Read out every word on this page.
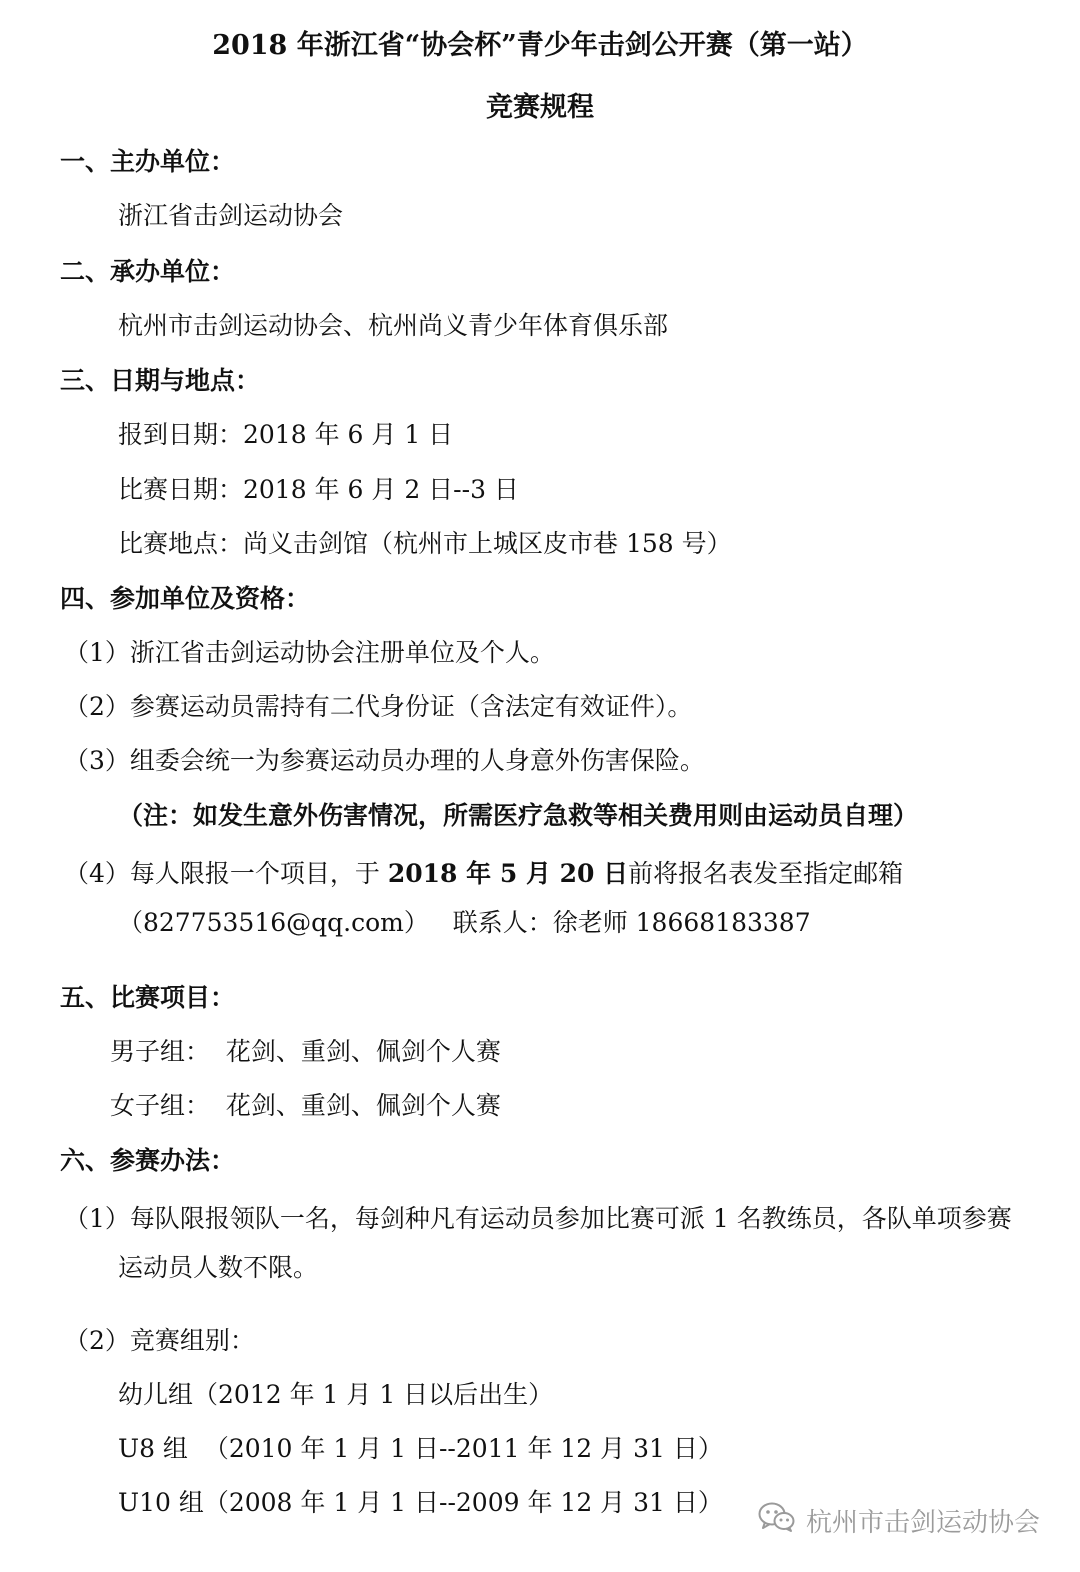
2018 年浙江省“协会杯”青少年击剑公开赛（第一站）
竞赛规程
一、主办单位：
浙江省击剑运动协会
二、承办单位：
杭州市击剑运动协会、杭州尚义青少年体育俱乐部
三、日期与地点：
报到日期：2018 年 6 月 1 日
比赛日期：2018 年 6 月 2 日--3 日
比赛地点：尚义击剑馆（杭州市上城区皮市巷 158 号）
四、参加单位及资格：
（1）浙江省击剑运动协会注册单位及个人。
（2）参赛运动员需持有二代身份证（含法定有效证件）。
（3）组委会统一为参赛运动员办理的人身意外伤害保险。
（注：如发生意外伤害情况，所需医疗急救等相关费用则由运动员自理）
（4）每人限报一个项目，于 2018 年 5 月 20 日前将报名表发至指定邮箱
（827753516@qq.com）   联系人：徐老师 18668183387
五、比赛项目：
男子组：  花剑、重剑、佩剑个人赛
女子组：  花剑、重剑、佩剑个人赛
六、参赛办法：
（1）每队限报领队一名，每剑种凡有运动员参加比赛可派 1 名教练员，各队单项参赛
运动员人数不限。
（2）竞赛组别：
幼儿组（2012 年 1 月 1 日以后出生）
U8 组  （2010 年 1 月 1 日--2011 年 12 月 31 日）
U10 组（2008 年 1 月 1 日--2009 年 12 月 31 日）
杭州市击剑运动协会
